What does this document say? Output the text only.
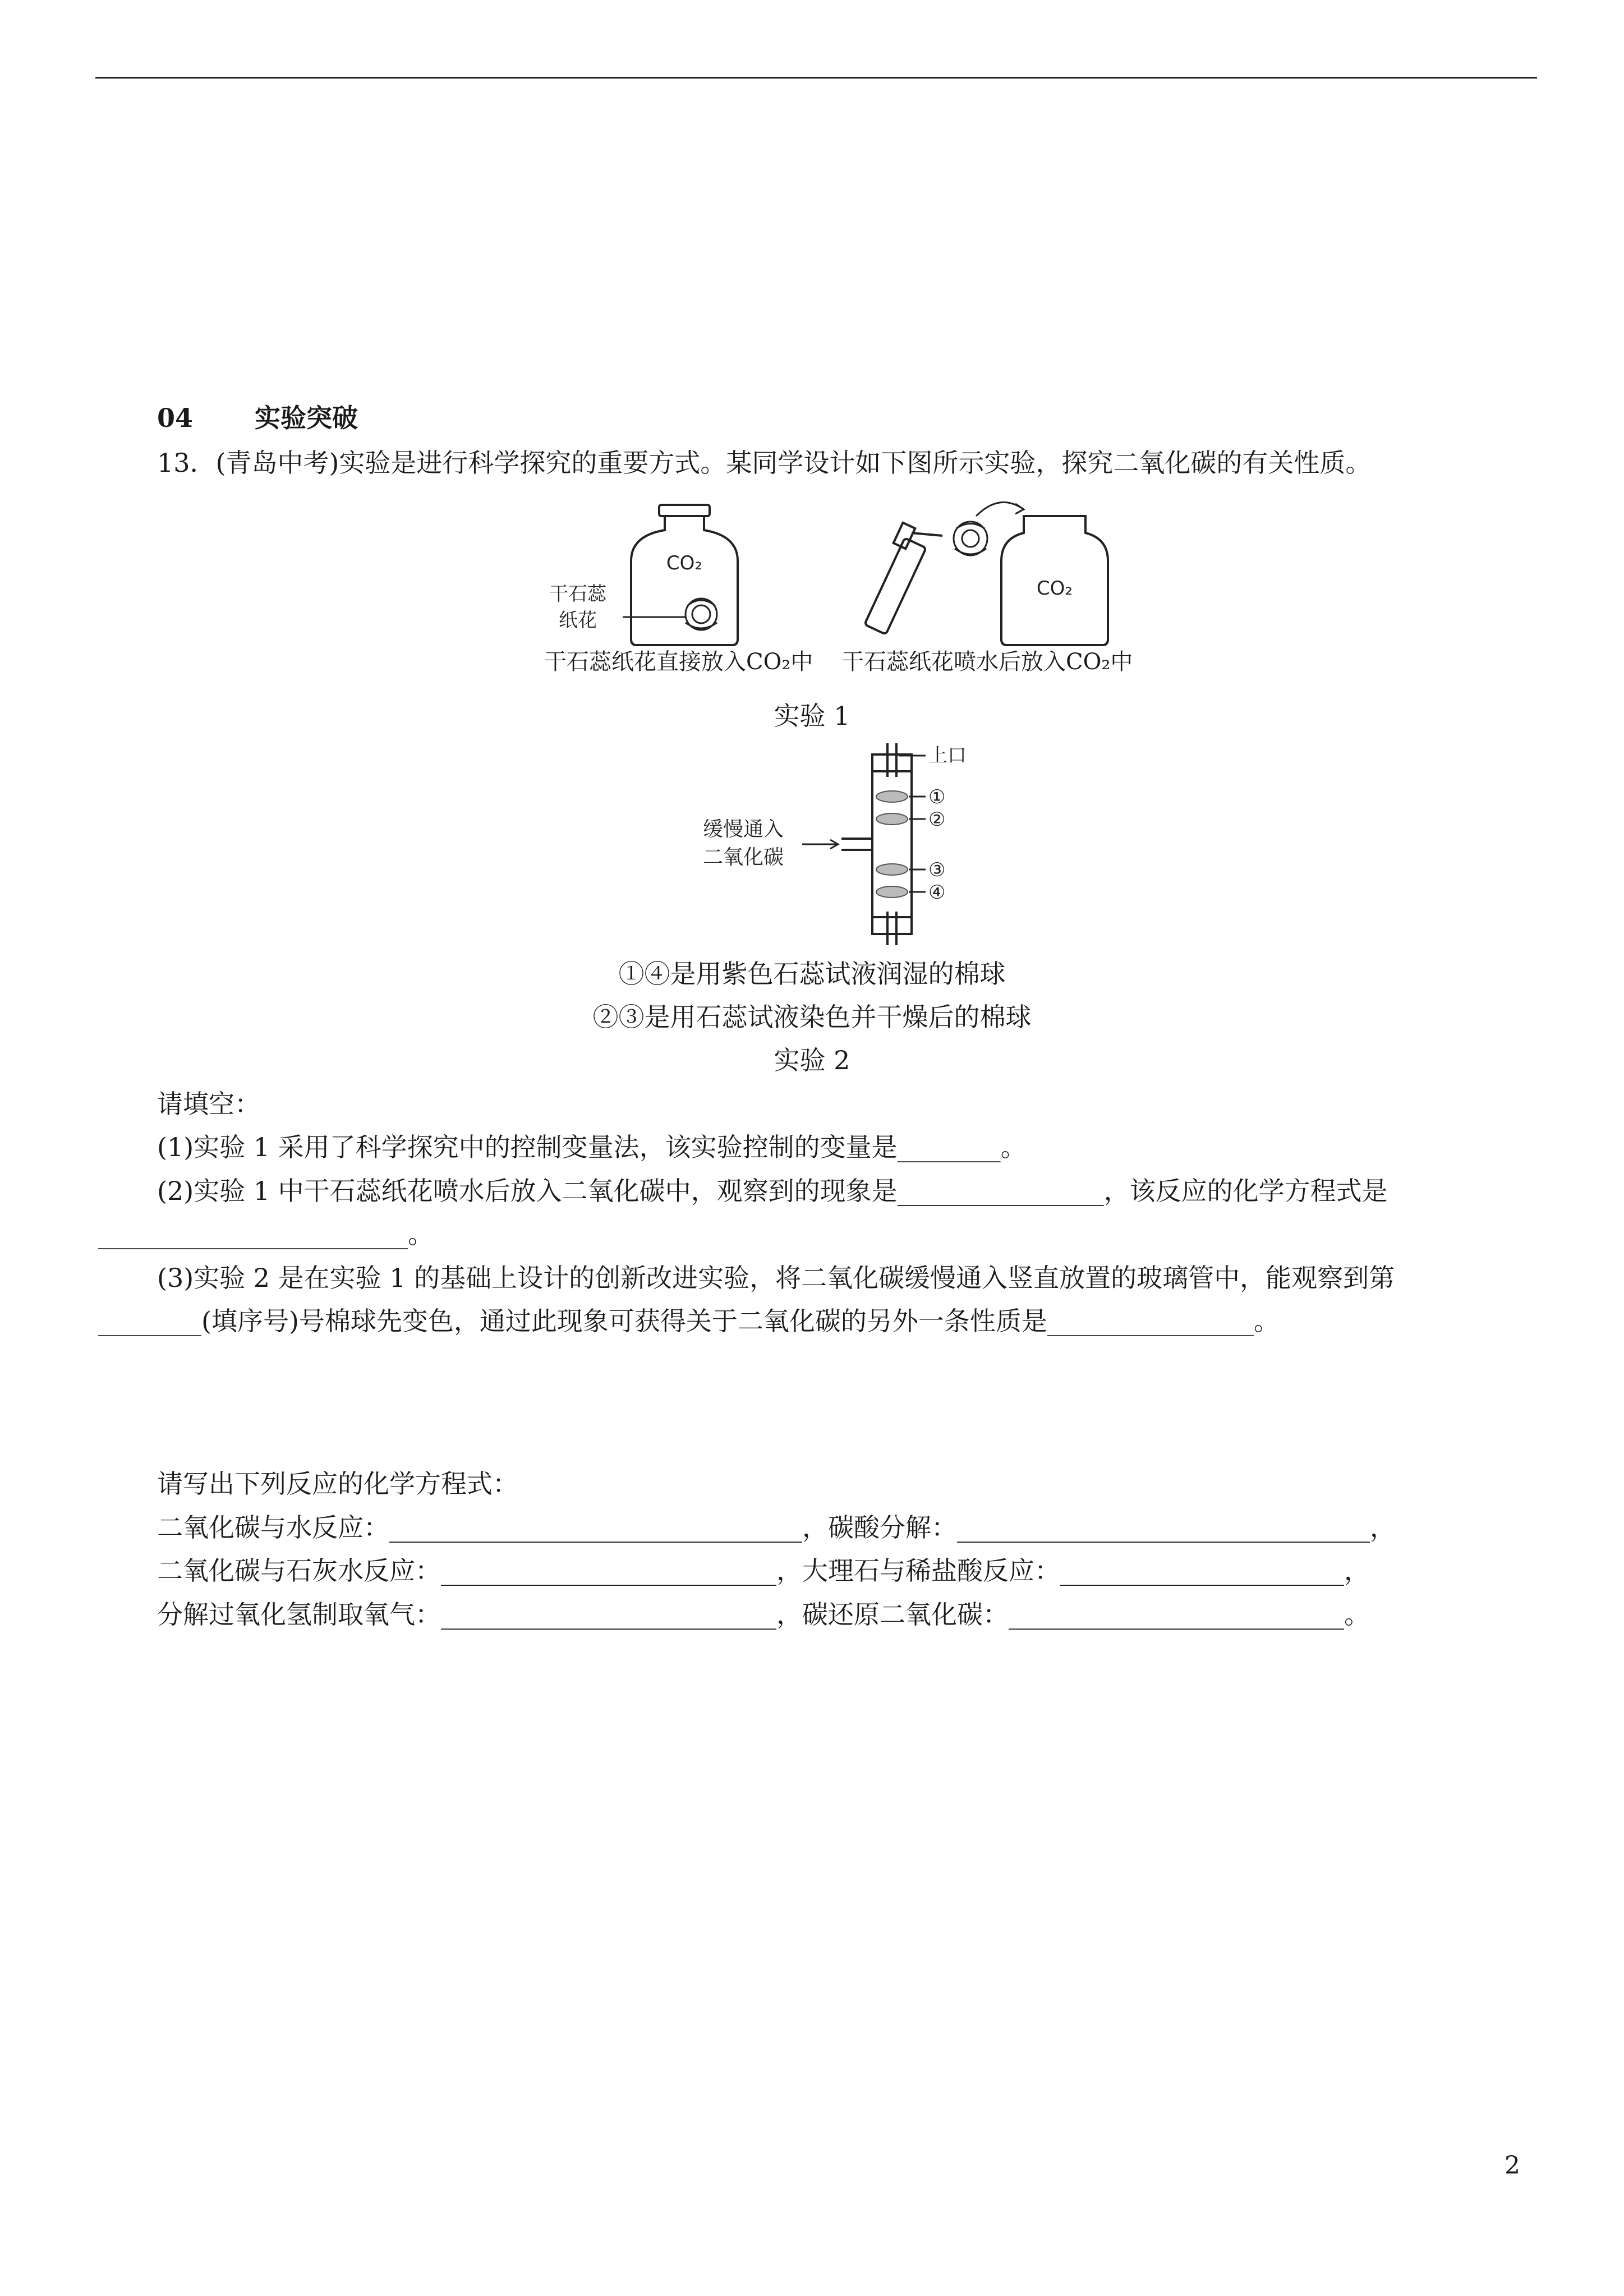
04 实验突破
13．(青岛中考)实验是进行科学探究的重要方式。某同学设计如下图所示实验，探究二氧化碳的有关性质。
CO₂
干石蕊
纸花
CO₂
干石蕊纸花直接放入CO₂中 干石蕊纸花喷水后放入CO₂中
实验 1
上口
①
②
③
④
缓慢通入
二氧化碳
①④是用紫色石蕊试液润湿的棉球
②③是用石蕊试液染色并干燥后的棉球
实验 2
请填空：
(1)实验 1 采用了科学探究中的控制变量法，该实验控制的变量是________。
(2)实验 1 中干石蕊纸花喷水后放入二氧化碳中，观察到的现象是________________，该反应的化学方程式是
________________________。
(3)实验 2 是在实验 1 的基础上设计的创新改进实验，将二氧化碳缓慢通入竖直放置的玻璃管中，能观察到第
________(填序号)号棉球先变色，通过此现象可获得关于二氧化碳的另外一条性质是________________。
请写出下列反应的化学方程式：
二氧化碳与水反应：________________________________，碳酸分解：________________________________，
二氧化碳与石灰水反应：__________________________，大理石与稀盐酸反应：______________________，
分解过氧化氢制取氧气：__________________________，碳还原二氧化碳：__________________________。
2
